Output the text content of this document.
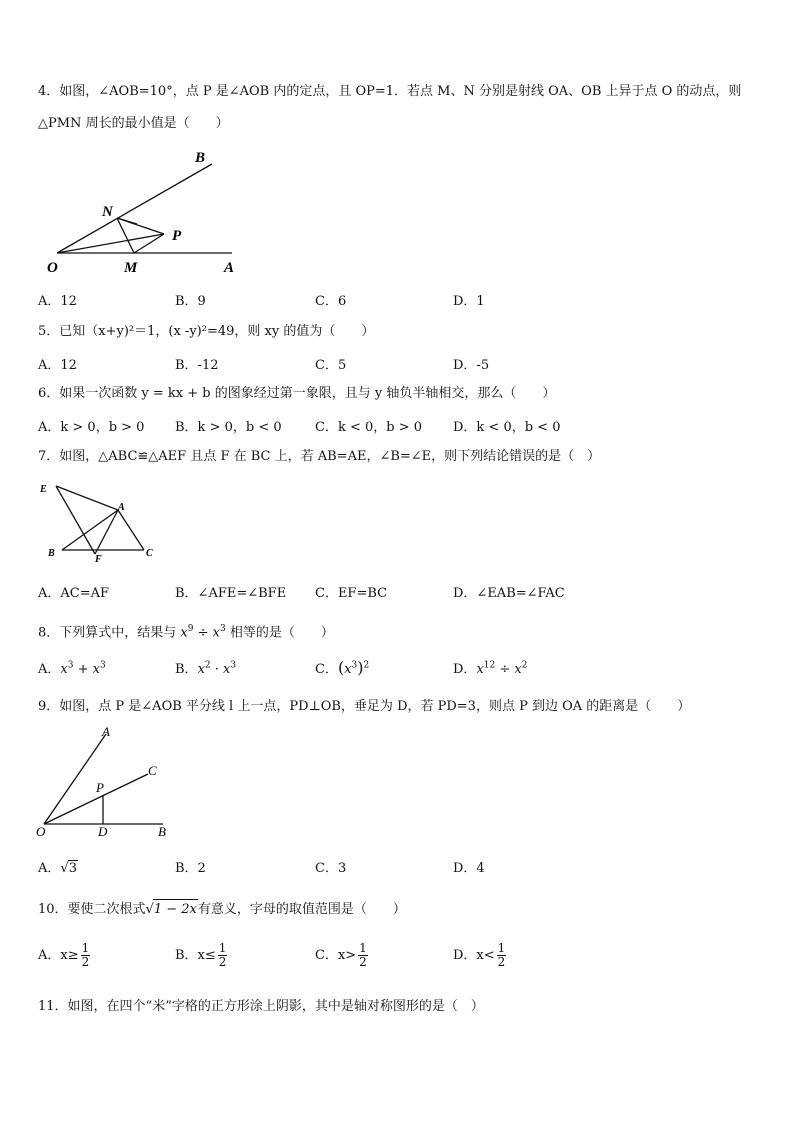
4．如图，∠AOB=10°，点 P 是∠AOB 内的定点，且 OP=1．若点 M、N 分别是射线 OA、OB 上异于点 O 的动点，则
△PMN 周长的最小值是（　　）
B
N
P
O	M	A
A．12	B．9	C．6	D．1
5．已知（x+y)²＝1，(x -y)²=49，则 xy 的值为（　　）
A．12	B．-12	C．5	D．-5
6．如果一次函数 y = kx + b 的图象经过第一象限，且与 y 轴负半轴相交，那么（　　）
A．k > 0，b > 0 B．k > 0，b < 0	C．k < 0，b > 0 D．k < 0，b < 0
7．如图，△ABC≌△AEF 且点 F 在 BC 上，若 AB=AE，∠B=∠E，则下列结论错误的是（　）
E
A
B
F
C
A．AC=AF	B．∠AFE=∠BFE C．EF=BC	D．∠EAB=∠FAC
8．下列算式中，结果与 $x^9 \div x^3$ 相等的是（　　）
A．$x^3 + x^3$	B．$x^2 \cdot x^3$	C．$(x^3)^2$	D．$x^{12} \div x^2$
9．如图，点 P 是∠AOB 平分线 l 上一点，PD⊥OB，垂足为 D，若 PD=3，则点 P 到边 OA 的距离是（　　）
A
C
P
O	D	B
A．√3	B．2	C．3	D．4
10．要使二次根式√1 − 2x有意义，字母的取值范围是（　　）
A．$x\ge \frac{1}{2}$	B．$x\le \frac{1}{2}$	C．$x> \frac{1}{2}$	D．$x< \frac{1}{2}$
11．如图，在四个“米”字格的正方形涂上阴影，其中是轴对称图形的是（　）
